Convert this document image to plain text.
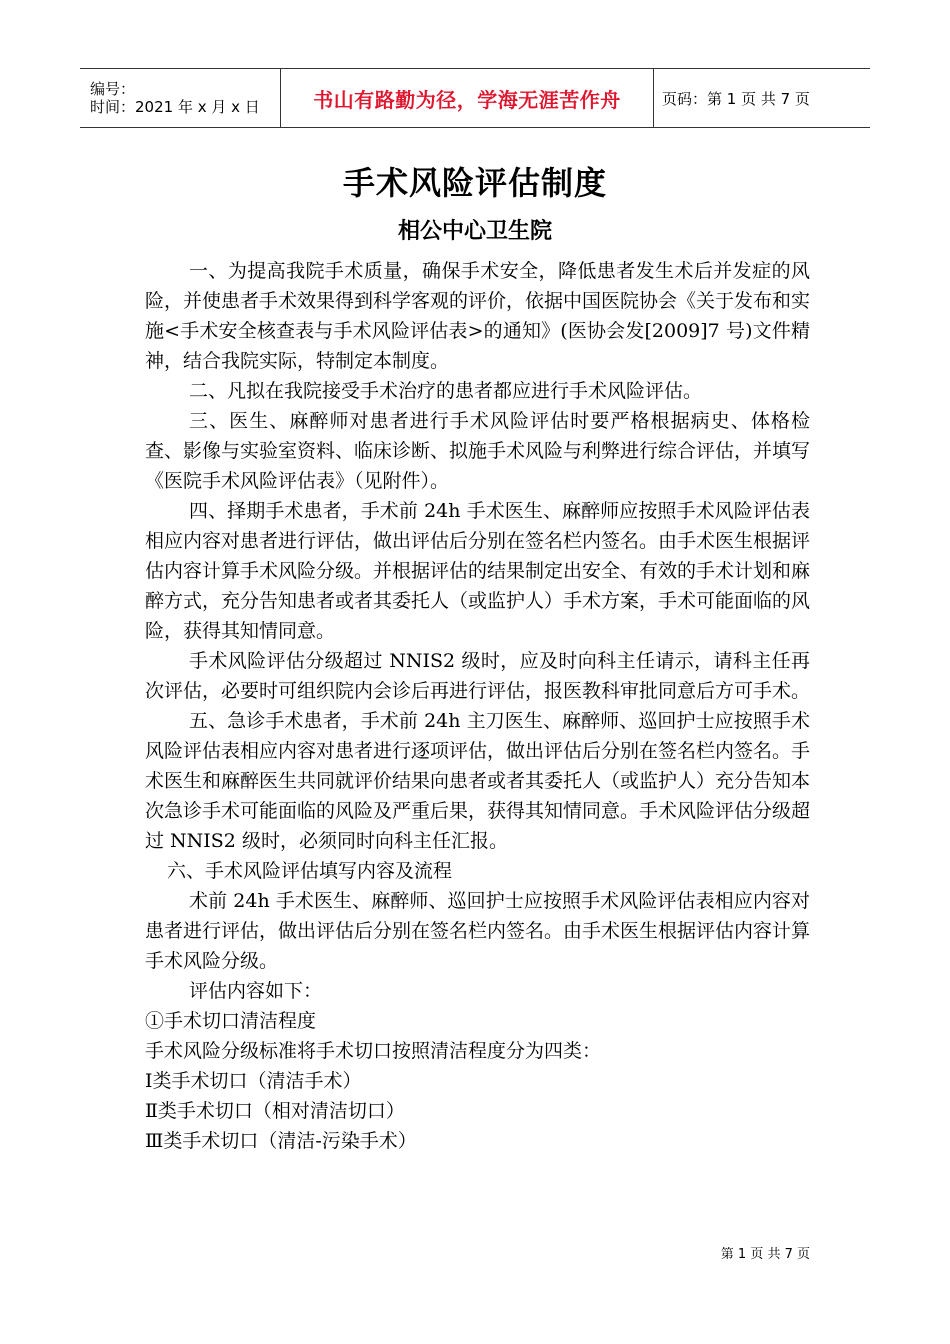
编号：
时间：2021 年 x 月 x 日	书山有路勤为径，学海无涯苦作舟	页码：第 1 页 共 7 页
手术风险评估制度
相公中心卫生院

一、为提高我院手术质量，确保手术安全，降低患者发生术后并发症的风险，并使患者手术效果得到科学客观的评价，依据中国医院协会《关于发布和实施<手术安全核查表与手术风险评估表>的通知》(医协会发[2009]7 号)文件精神，结合我院实际，特制定本制度。

二、凡拟在我院接受手术治疗的患者都应进行手术风险评估。

三、医生、麻醉师对患者进行手术风险评估时要严格根据病史、体格检查、影像与实验室资料、临床诊断、拟施手术风险与利弊进行综合评估，并填写《医院手术风险评估表》（见附件）。

四、择期手术患者，手术前 24h 手术医生、麻醉师应按照手术风险评估表相应内容对患者进行评估，做出评估后分别在签名栏内签名。由手术医生根据评估内容计算手术风险分级。并根据评估的结果制定出安全、有效的手术计划和麻醉方式，充分告知患者或者其委托人（或监护人）手术方案，手术可能面临的风险，获得其知情同意。

手术风险评估分级超过 NNIS2 级时，应及时向科主任请示，请科主任再次评估，必要时可组织院内会诊后再进行评估，报医教科审批同意后方可手术。

五、急诊手术患者，手术前 24h 主刀医生、麻醉师、巡回护士应按照手术风险评估表相应内容对患者进行逐项评估，做出评估后分别在签名栏内签名。手术医生和麻醉医生共同就评价结果向患者或者其委托人（或监护人）充分告知本次急诊手术可能面临的风险及严重后果，获得其知情同意。手术风险评估分级超过 NNIS2 级时，必须同时向科主任汇报。

六、手术风险评估填写内容及流程

术前 24h 手术医生、麻醉师、巡回护士应按照手术风险评估表相应内容对患者进行评估，做出评估后分别在签名栏内签名。由手术医生根据评估内容计算手术风险分级。

评估内容如下：

①手术切口清洁程度

手术风险分级标准将手术切口按照清洁程度分为四类：

Ⅰ类手术切口（清洁手术）

Ⅱ类手术切口（相对清洁切口）

Ⅲ类手术切口（清洁-污染手术）

第 1 页 共 7 页
